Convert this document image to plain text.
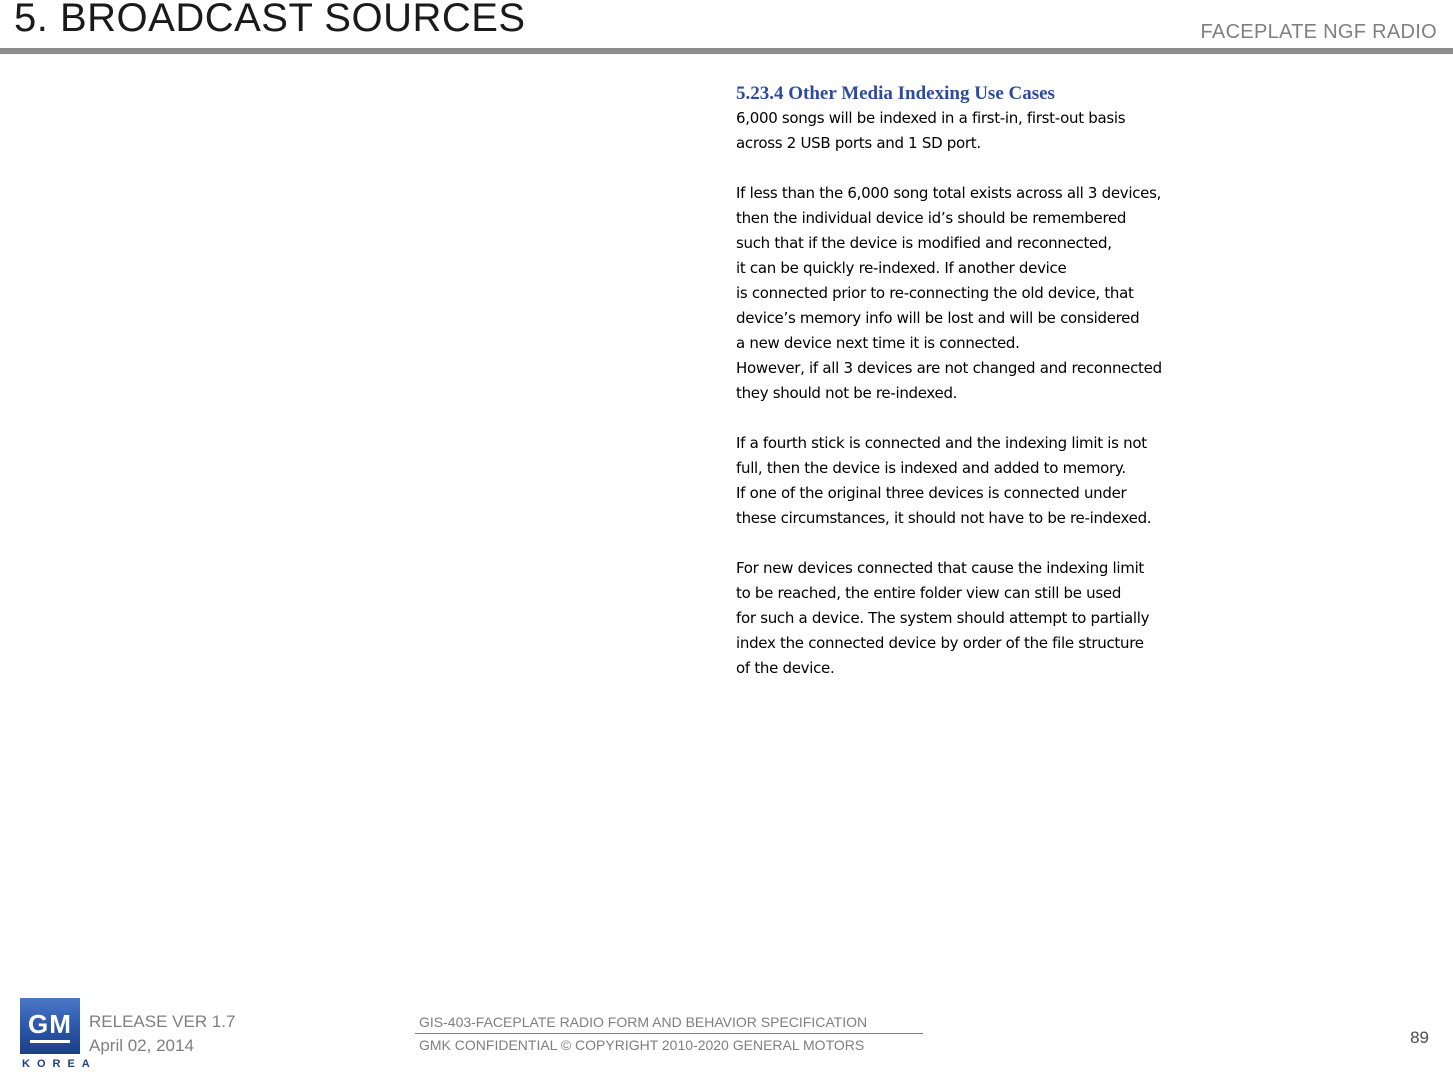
5. BROADCAST SOURCES	FACEPLATE NGF RADIO
5.23.4 Other Media Indexing Use Cases
6,000 songs will be indexed in a first-in, first-out basis
across 2 USB ports and 1 SD port.
If less than the 6,000 song total exists across all 3 devices,
then the individual device id’s should be remembered
such that if the device is modified and reconnected,
it can be quickly re-indexed. If another device
is connected prior to re-connecting the old device, that
device’s memory info will be lost and will be considered
a new device next time it is connected.
However, if all 3 devices are not changed and reconnected
they should not be re-indexed.
If a fourth stick is connected and the indexing limit is not
full, then the device is indexed and added to memory.
If one of the original three devices is connected under
these circumstances, it should not have to be re-indexed.
For new devices connected that cause the indexing limit
to be reached, the entire folder view can still be used
for such a device. The system should attempt to partially
index the connected device by order of the file structure
of the device.
GM
KOREA
RELEASE VER 1.7
April 02, 2014
GIS-403-FACEPLATE RADIO FORM AND BEHAVIOR SPECIFICATION
GMK CONFIDENTIAL © COPYRIGHT 2010-2020 GENERAL MOTORS	89
